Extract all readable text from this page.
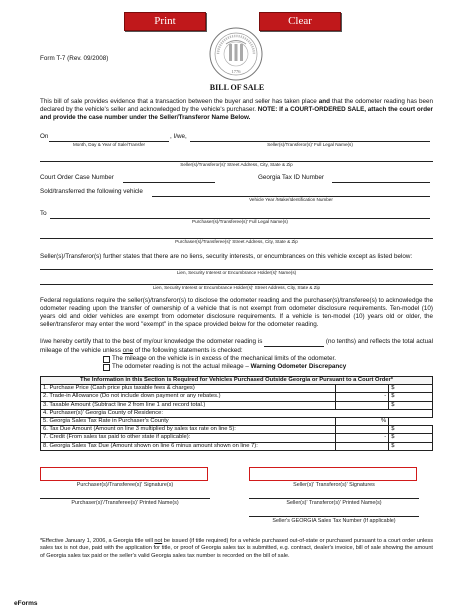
Print	Clear
1776
Form T-7 (Rev. 09/2008)
BILL OF SALE
This bill of sale provides evidence that a transaction between the buyer and seller has taken place and that the odometer reading has been declared by the vehicle's seller and acknowledged by the vehicle's purchaser. NOTE: If a COURT-ORDERED SALE, attach the court order and provide the case number under the Seller/Transferor Name Below.
On	, I/we,
Month, Day & Year of Sale/Transfer	Seller(s)/Transferor(s)' Full Legal Name(s)
Seller(s)/Transferor(s)' Street Address, City, State & Zip
Court Order Case Number	Georgia Tax ID Number
Sold/transferred the following vehicle
Vehicle Year /Make/Identification Number
To
Purchaser(s)/Transferee(s)' Full Legal Name(s)
Purchaser(s)/Transferee(s)' Street Address, City, State & Zip
Seller(s)/Transferor(s) further states that there are no liens, security interests, or encumbrances on this vehicle except as listed below:
Lien, Security Interest or Encumbrance Holder(s)' Name(s)
Lien, Security Interest or Encumbrance Holder(s)' Street Address, City, State & Zip
Federal regulations require the seller(s)/transferor(s) to disclose the odometer reading and the purchaser(s)/transferee(s) to acknowledge the odometer reading upon the transfer of ownership of a vehicle that is not exempt from odometer disclosure requirements. Ten-model (10) years old and older vehicles are exempt from odometer disclosure requirements. If a vehicle is ten-model (10) years old or older, the seller/transferor may enter the word "exempt" in the space provided below for the odometer reading.
I/we hereby certify that to the best of my/our knowledge the odometer reading is	(no tenths) and reflects the total actual mileage of the vehicle unless one of the following statements is checked:
The mileage on the vehicle is in excess of the mechanical limits of the odometer.
The odometer reading is not the actual mileage – Warning Odometer Discrepancy
The Information in this Section is Required for Vehicles Purchased Outside Georgia or Pursuant to a Court Order*		
1. Purchase Price (Cash price plus taxable fees & charges)		$
2. Trade-in Allowance (Do not include down payment or any rebates.)	-	$
3. Taxable Amount (Subtract line 2 from line 1 and record total.)		$
4. Purchaser(s)' Georgia County of Residence:		
5. Georgia Sales Tax Rate in Purchaser's County	%	
6. Tax Due Amount (Amount on line 3 multiplied by sales tax rate on line 5):		$
7. Credit (From sales tax paid to other state if applicable):	-	$
8. Georgia Sales Tax Due (Amount shown on line 6 minus amount shown on line 7):		$
Purchaser(s)/Transferee(s)' Signature(s)	Seller(s)' Transferor(s)' Signatures
Purchaser(s)'/Transferee(s)' Printed Name(s)	Seller(s)' Transferor(s)' Printed Name(s)
Seller's GEORGIA Sales Tax Number (If applicable)
*Effective January 1, 2006, a Georgia title will not be issued (if title required) for a vehicle purchased out-of-state or purchased pursuant to a court order unless sales tax is not due, paid with the application for title, or proof of Georgia sales tax is submitted, e.g. contract, dealer's invoice, bill of sale showing the amount of Georgia sales tax paid or the seller's valid Georgia sales tax number is recorded on the bill of sale.
eForms
